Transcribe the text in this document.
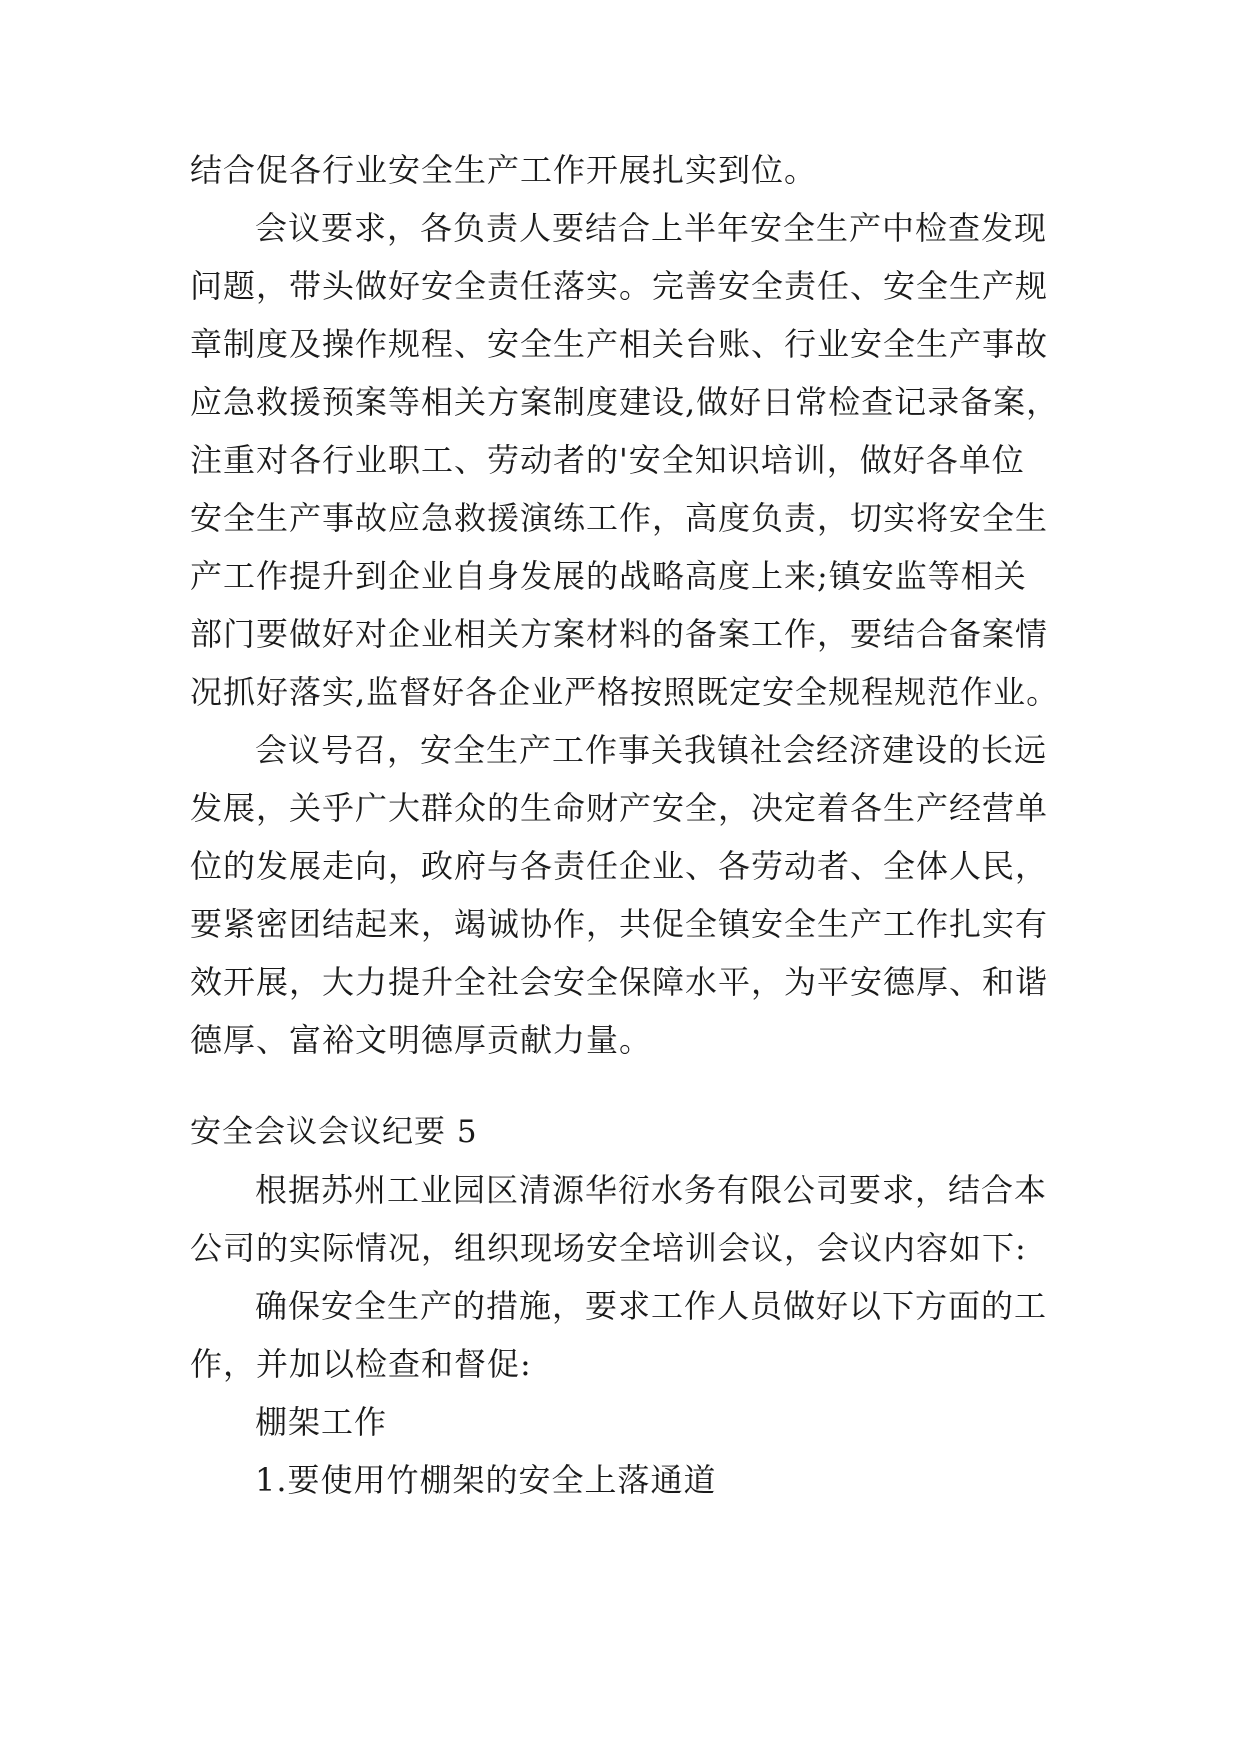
结合促各行业安全生产工作开展扎实到位。
会议要求，各负责人要结合上半年安全生产中检查发现
问题，带头做好安全责任落实。完善安全责任、安全生产规
章制度及操作规程、安全生产相关台账、行业安全生产事故
应急救援预案等相关方案制度建设,做好日常检查记录备案，
注重对各行业职工、劳动者的'安全知识培训，做好各单位
安全生产事故应急救援演练工作，高度负责，切实将安全生
产工作提升到企业自身发展的战略高度上来;镇安监等相关
部门要做好对企业相关方案材料的备案工作，要结合备案情
况抓好落实,监督好各企业严格按照既定安全规程规范作业。
会议号召，安全生产工作事关我镇社会经济建设的长远
发展，关乎广大群众的生命财产安全，决定着各生产经营单
位的发展走向，政府与各责任企业、各劳动者、全体人民，
要紧密团结起来，竭诚协作，共促全镇安全生产工作扎实有
效开展，大力提升全社会安全保障水平，为平安德厚、和谐
德厚、富裕文明德厚贡献力量。
安全会议会议纪要 5
根据苏州工业园区清源华衍水务有限公司要求，结合本
公司的实际情况，组织现场安全培训会议，会议内容如下:
确保安全生产的措施，要求工作人员做好以下方面的工
作，并加以检查和督促:
棚架工作
1.要使用竹棚架的安全上落通道
